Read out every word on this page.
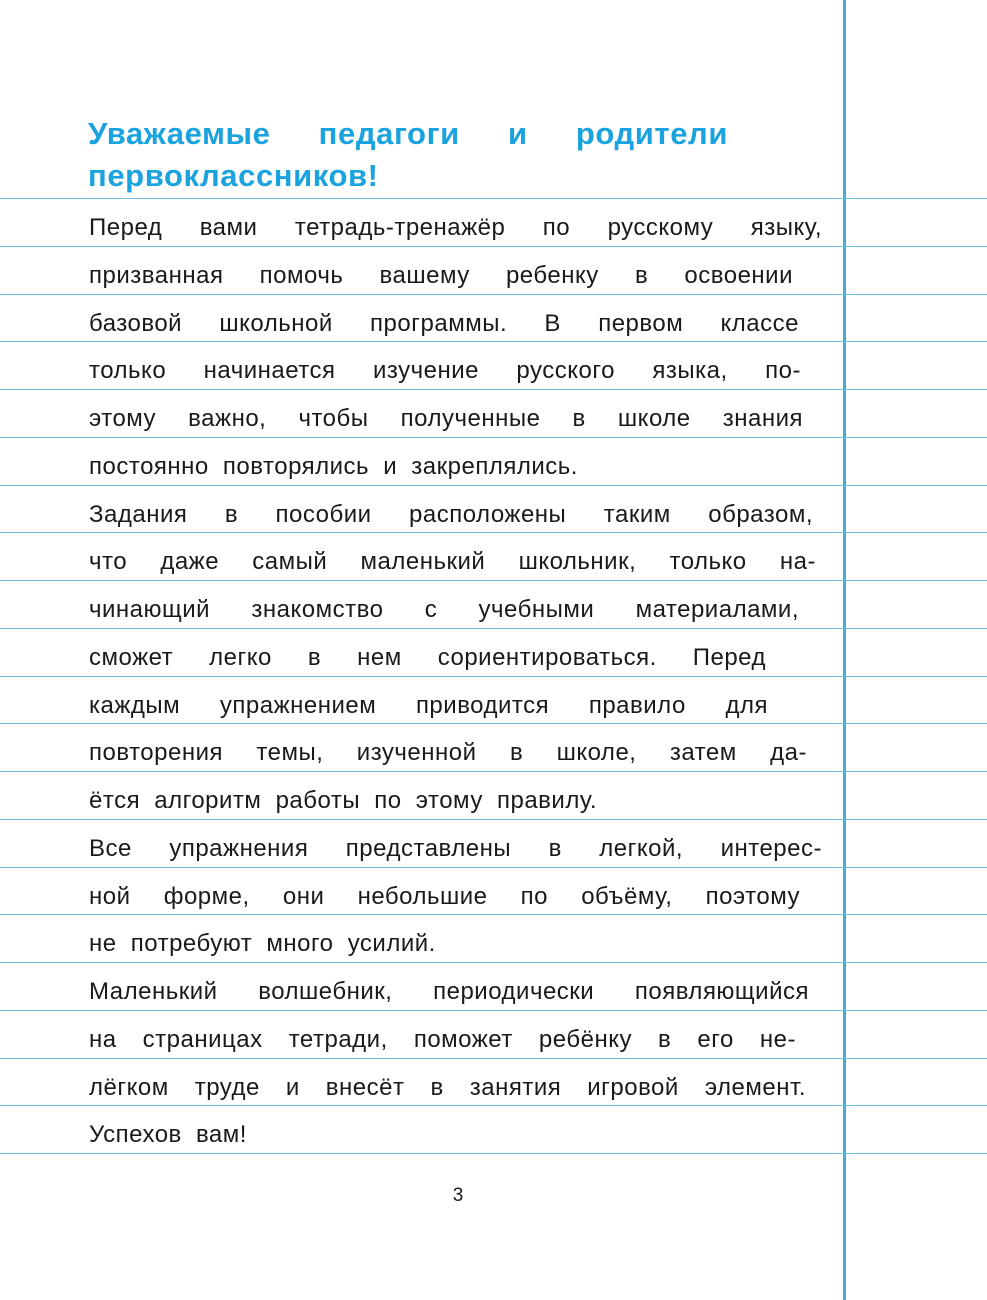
Уважаемые педагоги и родители
первоклассников!

Перед вами тетрадь-тренажёр по русскому языку,

призванная помочь вашему ребенку в освоении

базовой школьной программы. В первом классе

только начинается изучение русского языка, по-

этому важно, чтобы полученные в школе знания

постоянно повторялись и закреплялись.

Задания в пособии расположены таким образом,

что даже самый маленький школьник, только на-

чинающий знакомство с учебными материалами,

сможет легко в нем сориентироваться. Перед

каждым упражнением приводится правило для

повторения темы, изученной в школе, затем да-

ётся алгоритм работы по этому правилу.

Все упражнения представлены в легкой, интерес-

ной форме, они небольшие по объёму, поэтому

не потребуют много усилий.

Маленький волшебник, периодически появляющийся

на страницах тетради, поможет ребёнку в его не-

лёгком труде и внесёт в занятия игровой элемент.

Успехов вам!

3
